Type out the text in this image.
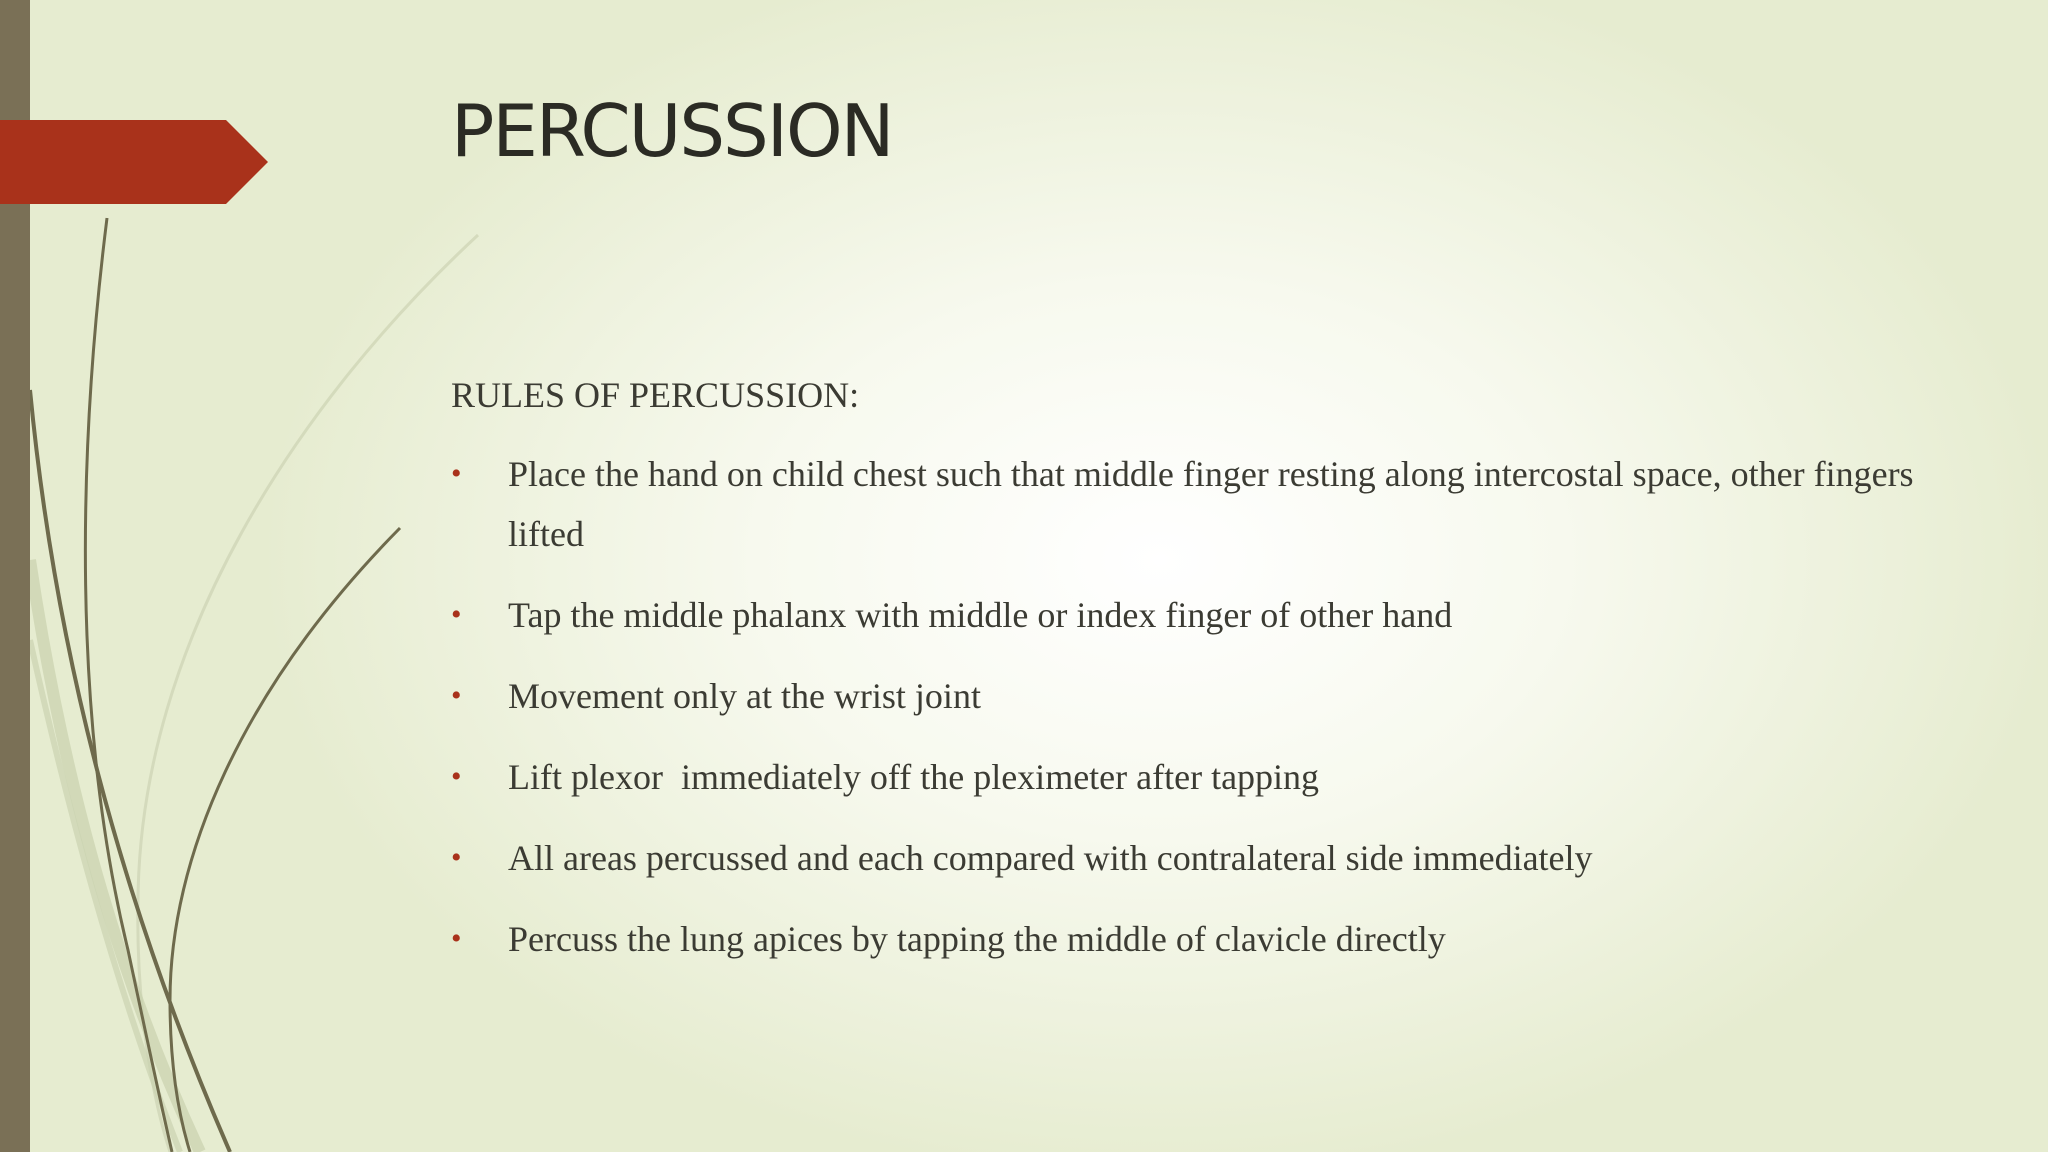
PERCUSSION

RULES OF PERCUSSION:

• Place the hand on child chest such that middle finger resting along intercostal space, other fingers lifted
• Tap the middle phalanx with middle or index finger of other hand
• Movement only at the wrist joint
• Lift plexor  immediately off the pleximeter after tapping
• All areas percussed and each compared with contralateral side immediately
• Percuss the lung apices by tapping the middle of clavicle directly
